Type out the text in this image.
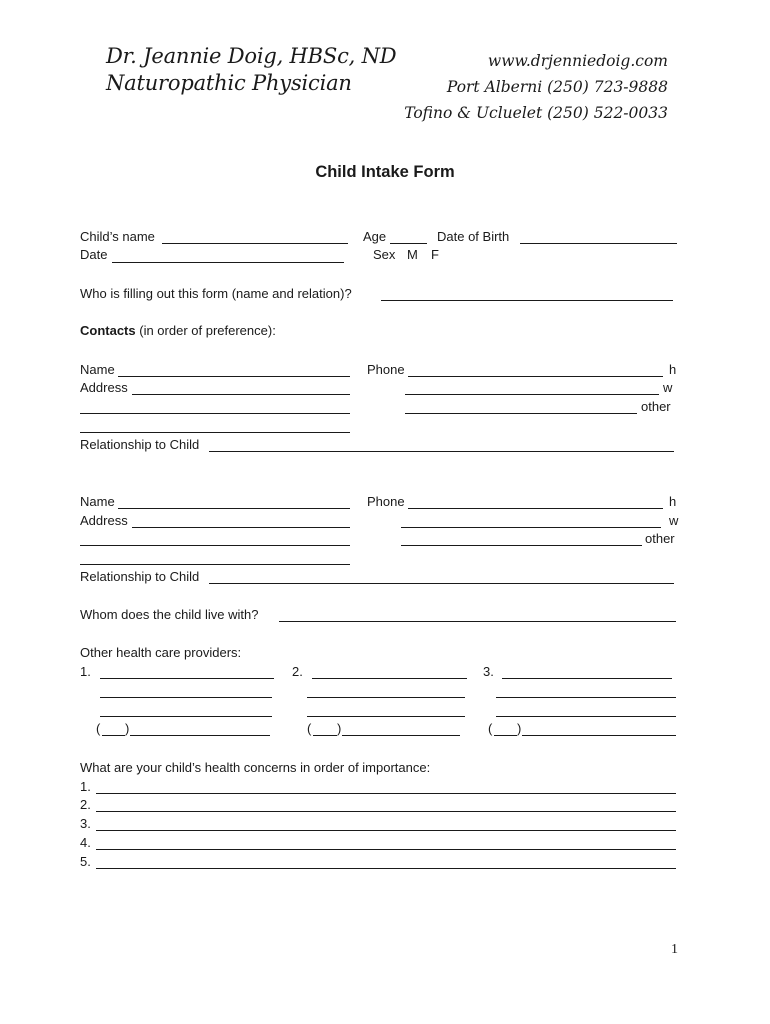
Dr. Jeannie Doig, HBSc, ND
Naturopathic Physician
www.drjenniedoig.com
Port Alberni (250) 723-9888
Tofino & Ucluelet (250) 522-0033
Child Intake Form
Child’s name	Age	Date of Birth
Date	Sex M F
Who is filling out this form (name and relation)?
Contacts (in order of preference):
Name	Phone	h
Address	w
other
Relationship to Child
Name	Phone	h
Address	w
other
Relationship to Child
Whom does the child live with?
Other health care providers:
1.
( )
2.
( )
3.
( )
What are your child’s health concerns in order of importance:
1.
2.
3.
4.
5.
1
